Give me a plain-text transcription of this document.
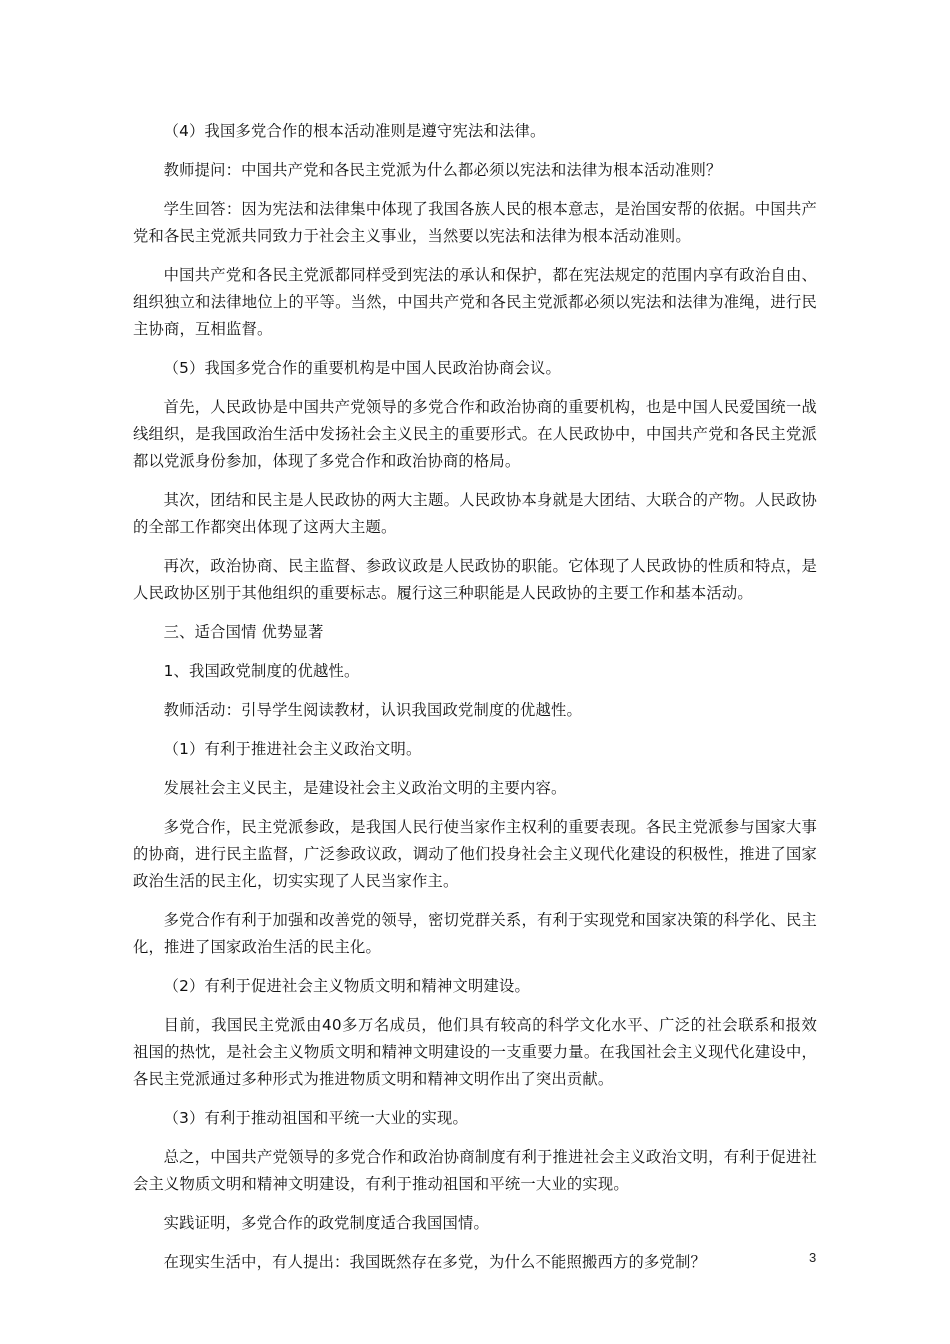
（4）我国多党合作的根本活动准则是遵守宪法和法律。

教师提问：中国共产党和各民主党派为什么都必须以宪法和法律为根本活动准则？

学生回答：因为宪法和法律集中体现了我国各族人民的根本意志，是治国安帮的依据。中国共产党和各民主党派共同致力于社会主义事业，当然要以宪法和法律为根本活动准则。

中国共产党和各民主党派都同样受到宪法的承认和保护，都在宪法规定的范围内享有政治自由、组织独立和法律地位上的平等。当然，中国共产党和各民主党派都必须以宪法和法律为准绳，进行民主协商，互相监督。

（5）我国多党合作的重要机构是中国人民政治协商会议。

首先，人民政协是中国共产党领导的多党合作和政治协商的重要机构，也是中国人民爱国统一战线组织，是我国政治生活中发扬社会主义民主的重要形式。在人民政协中，中国共产党和各民主党派都以党派身份参加，体现了多党合作和政治协商的格局。

其次，团结和民主是人民政协的两大主题。人民政协本身就是大团结、大联合的产物。人民政协的全部工作都突出体现了这两大主题。

再次，政治协商、民主监督、参政议政是人民政协的职能。它体现了人民政协的性质和特点，是人民政协区别于其他组织的重要标志。履行这三种职能是人民政协的主要工作和基本活动。

三、适合国情 优势显著

1、我国政党制度的优越性。

教师活动：引导学生阅读教材，认识我国政党制度的优越性。

（1）有利于推进社会主义政治文明。

发展社会主义民主，是建设社会主义政治文明的主要内容。

多党合作，民主党派参政，是我国人民行使当家作主权利的重要表现。各民主党派参与国家大事的协商，进行民主监督，广泛参政议政，调动了他们投身社会主义现代化建设的积极性，推进了国家政治生活的民主化，切实实现了人民当家作主。

多党合作有利于加强和改善党的领导，密切党群关系，有利于实现党和国家决策的科学化、民主化，推进了国家政治生活的民主化。

（2）有利于促进社会主义物质文明和精神文明建设。

目前，我国民主党派由40多万名成员，他们具有较高的科学文化水平、广泛的社会联系和报效祖国的热忱，是社会主义物质文明和精神文明建设的一支重要力量。在我国社会主义现代化建设中，各民主党派通过多种形式为推进物质文明和精神文明作出了突出贡献。

（3）有利于推动祖国和平统一大业的实现。

总之，中国共产党领导的多党合作和政治协商制度有利于推进社会主义政治文明，有利于促进社会主义物质文明和精神文明建设，有利于推动祖国和平统一大业的实现。

实践证明，多党合作的政党制度适合我国国情。

在现实生活中，有人提出：我国既然存在多党，为什么不能照搬西方的多党制？	3
